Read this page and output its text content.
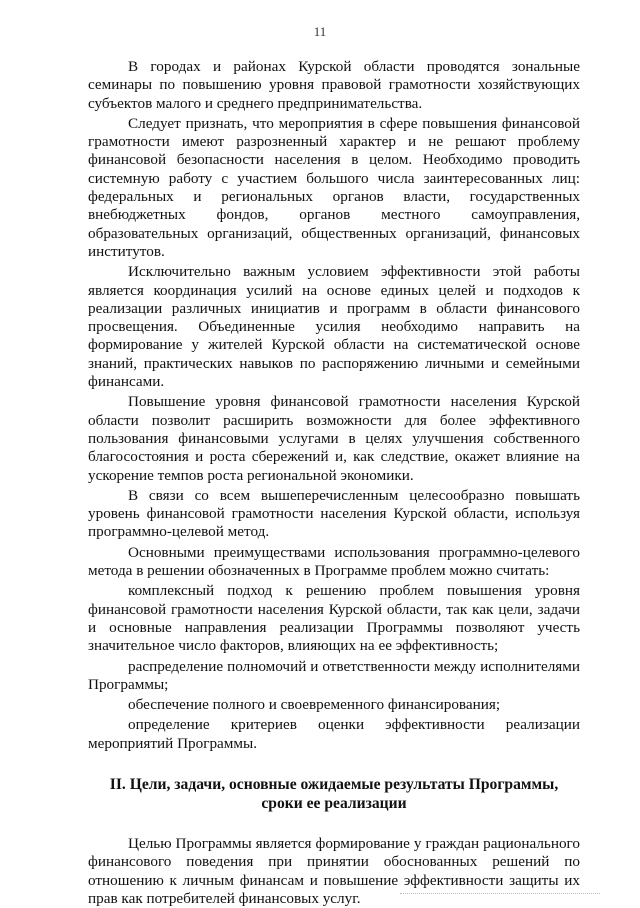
11

В городах и районах Курской области проводятся зональные семинары по повышению уровня правовой грамотности хозяйствующих субъектов малого и среднего предпринимательства.

Следует признать, что мероприятия в сфере повышения финансовой грамотности имеют разрозненный характер и не решают проблему финансовой безопасности населения в целом. Необходимо проводить системную работу с участием большого числа заинтересованных лиц: федеральных и региональных органов власти, государственных внебюджетных фондов, органов местного самоуправления, образовательных организаций, общественных организаций, финансовых институтов.

Исключительно важным условием эффективности этой работы является координация усилий на основе единых целей и подходов к реализации различных инициатив и программ в области финансового просвещения. Объединенные усилия необходимо направить на формирование у жителей Курской области на систематической основе знаний, практических навыков по распоряжению личными и семейными финансами.

Повышение уровня финансовой грамотности населения Курской области позволит расширить возможности для более эффективного пользования финансовыми услугами в целях улучшения собственного благосостояния и роста сбережений и, как следствие, окажет влияние на ускорение темпов роста региональной экономики.

В связи со всем вышеперечисленным целесообразно повышать уровень финансовой грамотности населения Курской области, используя программно-целевой метод.

Основными преимуществами использования программно-целевого метода в решении обозначенных в Программе проблем можно считать:

комплексный подход к решению проблем повышения уровня финансовой грамотности населения Курской области, так как цели, задачи и основные направления реализации Программы позволяют учесть значительное число факторов, влияющих на ее эффективность;

распределение полномочий и ответственности между исполнителями Программы;

обеспечение полного и своевременного финансирования;

определение критериев оценки эффективности реализации мероприятий Программы.

II. Цели, задачи, основные ожидаемые результаты Программы,
сроки ее реализации

Целью Программы является формирование у граждан рационального финансового поведения при принятии обоснованных решений по отношению к личным финансам и повышение эффективности защиты их прав как потребителей финансовых услуг.
